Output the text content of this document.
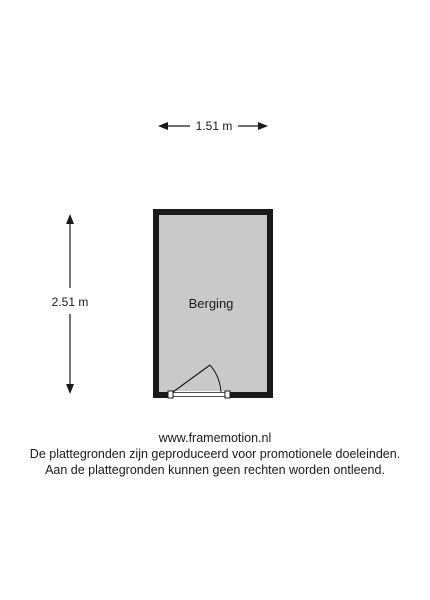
1.51 m
2.51 m	Berging
www.framemotion.nl
De plattegronden zijn geproduceerd voor promotionele doeleinden.
Aan de plattegronden kunnen geen rechten worden ontleend.
